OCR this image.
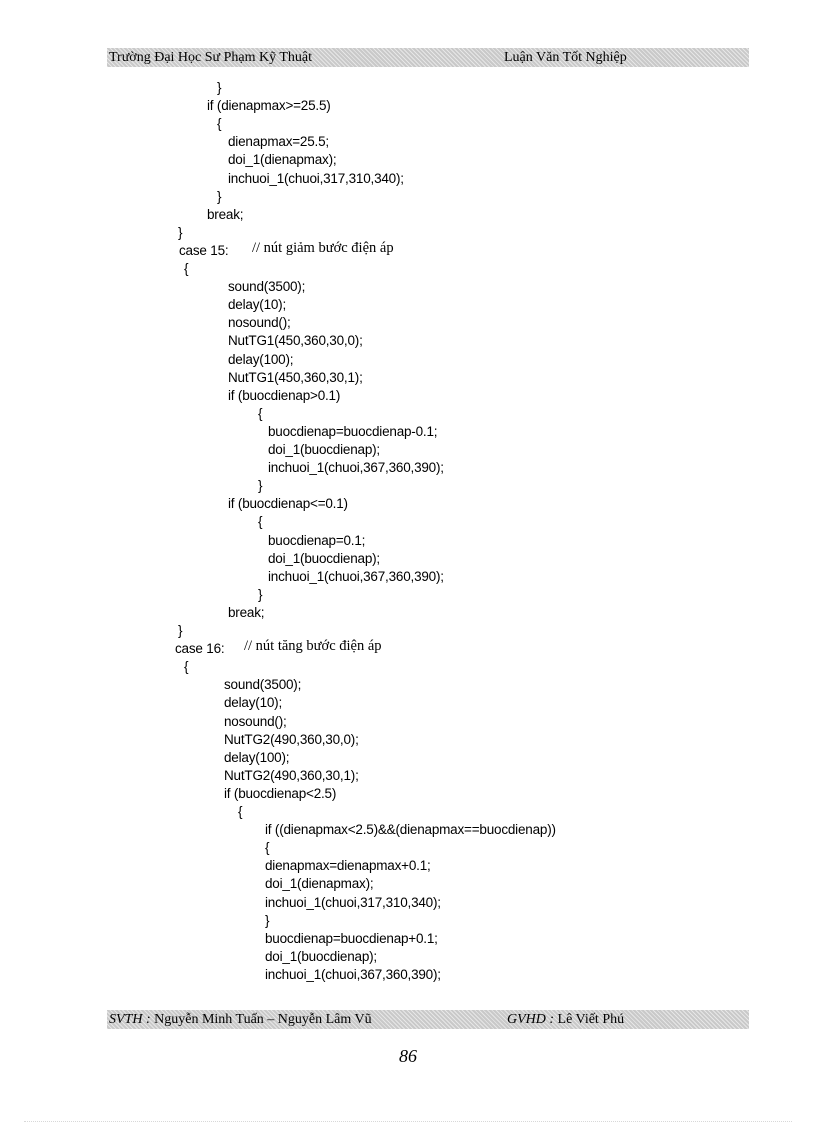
Trường Đại Học Sư Phạm Kỹ Thuật	Luận Văn Tốt Nghiệp
}
if (dienapmax>=25.5)
{
dienapmax=25.5;
doi_1(dienapmax);
inchuoi_1(chuoi,317,310,340);
}
break;
}
case 15: // nút giảm bước điện áp
{
sound(3500);
delay(10);
nosound();
NutTG1(450,360,30,0);
delay(100);
NutTG1(450,360,30,1);
if (buocdienap>0.1)
{
buocdienap=buocdienap-0.1;
doi_1(buocdienap);
inchuoi_1(chuoi,367,360,390);
}
if (buocdienap<=0.1)
{
buocdienap=0.1;
doi_1(buocdienap);
inchuoi_1(chuoi,367,360,390);
}
break;
}
case 16: // nút tăng bước điện áp
{
sound(3500);
delay(10);
nosound();
NutTG2(490,360,30,0);
delay(100);
NutTG2(490,360,30,1);
if (buocdienap<2.5)
{
if ((dienapmax<2.5)&&(dienapmax==buocdienap))
{
dienapmax=dienapmax+0.1;
doi_1(dienapmax);
inchuoi_1(chuoi,317,310,340);
}
buocdienap=buocdienap+0.1;
doi_1(buocdienap);
inchuoi_1(chuoi,367,360,390);
SVTH : Nguyễn Minh Tuấn – Nguyễn Lâm Vũ	GVHD : Lê Viết Phú
86
